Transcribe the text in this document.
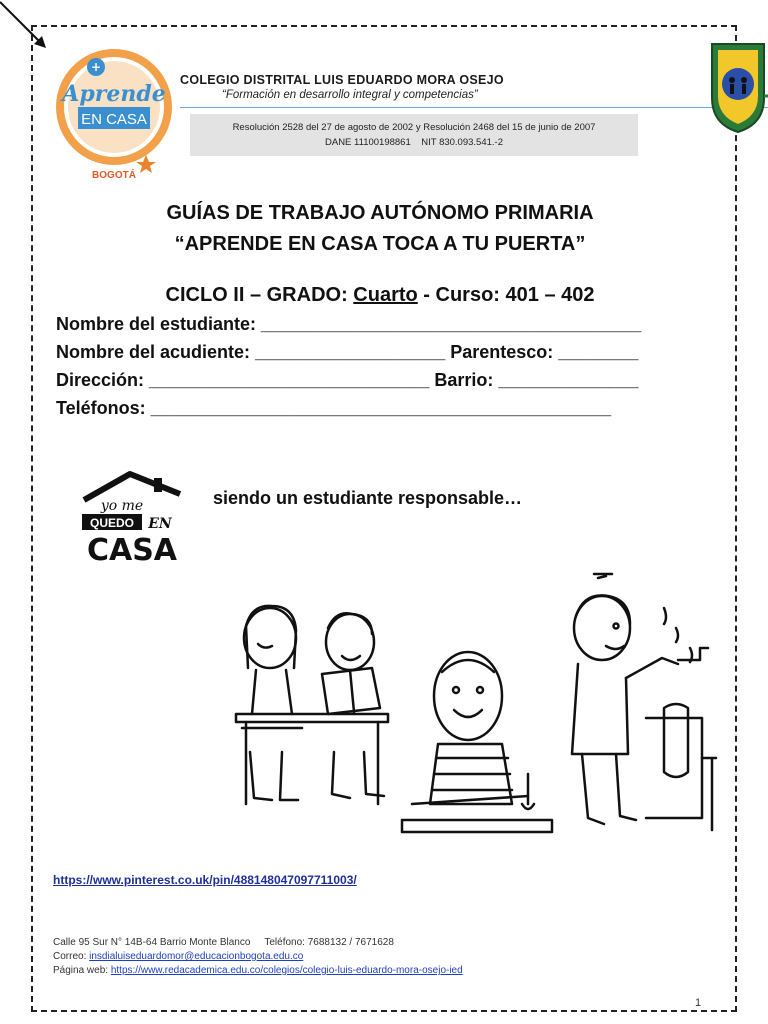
+
Aprende
EN CASA
BOGOTÁ
COLEGIO DISTRITAL LUIS EDUARDO MORA OSEJO
“Formación en desarrollo integral y competencias”
Resolución 2528 del 27 de agosto de 2002 y Resolución 2468 del 15 de junio de 2007
DANE 11100198861    NIT 830.093.541.-2
GUÍAS DE TRABAJO AUTÓNOMO PRIMARIA
“APRENDE EN CASA TOCA A TU PUERTA”
CICLO II – GRADO: Cuarto - Curso: 401 – 402
Nombre del estudiante: ______________________________________
Nombre del acudiente: ___________________ Parentesco: ________
Dirección: ____________________________ Barrio: ______________
Teléfonos: ______________________________________________
yo me
QUEDO EN
CASA
siendo un estudiante responsable…
https://www.pinterest.co.uk/pin/488148047097711003/
Calle 95 Sur N° 14B-64 Barrio Monte Blanco Teléfono: 7688132 / 7671628
Correo: insdialuiseduardomor@educacionbogota.edu.co
Página web: https://www.redacademica.edu.co/colegios/colegio-luis-eduardo-mora-osejo-ied
1
